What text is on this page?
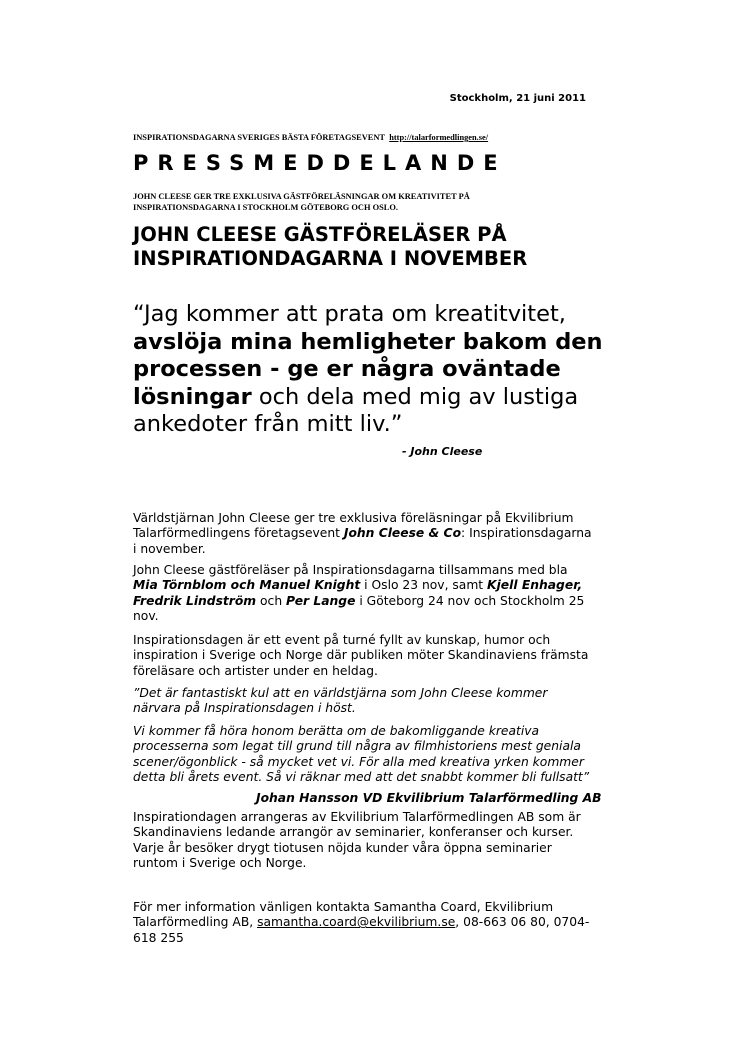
Stockholm, 21 juni 2011
INSPIRATIONSDAGARNA SVERIGES BÄSTA FÖRETAGSEVENT http://talarformedlingen.se/
PRESSMEDDELANDE
JOHN CLEESE GER TRE EXKLUSIVA GÄSTFÖRELÄSNINGAR OM KREATIVITET PÅ
INSPIRATIONSDAGARNA I STOCKHOLM GÖTEBORG OCH OSLO.
JOHN CLEESE GÄSTFÖRELÄSER PÅ
INSPIRATIONDAGARNA I NOVEMBER
“Jag kommer att prata om kreatitvitet,
avslöja mina hemligheter bakom den
processen - ge er några oväntade
lösningar och dela med mig av lustiga
ankedoter från mitt liv.”
- John Cleese
Världstjärnan John Cleese ger tre exklusiva föreläsningar på Ekvilibrium
Talarförmedlingens företagsevent John Cleese & Co: Inspirationsdagarna
i november.
John Cleese gästföreläser på Inspirationsdagarna tillsammans med bla
Mia Törnblom och Manuel Knight i Oslo 23 nov, samt Kjell Enhager,
Fredrik Lindström och Per Lange i Göteborg 24 nov och Stockholm 25
nov.
Inspirationsdagen är ett event på turné fyllt av kunskap, humor och
inspiration i Sverige och Norge där publiken möter Skandinaviens främsta
föreläsare och artister under en heldag.
”Det är fantastiskt kul att en världstjärna som John Cleese kommer
närvara på Inspirationsdagen i höst.
Vi kommer få höra honom berätta om de bakomliggande kreativa
processerna som legat till grund till några av filmhistoriens mest geniala
scener/ögonblick - så mycket vet vi. För alla med kreativa yrken kommer
detta bli årets event. Så vi räknar med att det snabbt kommer bli fullsatt”
Johan Hansson VD Ekvilibrium Talarförmedling AB
Inspirationdagen arrangeras av Ekvilibrium Talarförmedlingen AB som är
Skandinaviens ledande arrangör av seminarier, konferanser och kurser.
Varje år besöker drygt tiotusen nöjda kunder våra öppna seminarier
runtom i Sverige och Norge.
För mer information vänligen kontakta Samantha Coard, Ekvilibrium
Talarförmedling AB, samantha.coard@ekvilibrium.se, 08-663 06 80, 0704-
618 255
